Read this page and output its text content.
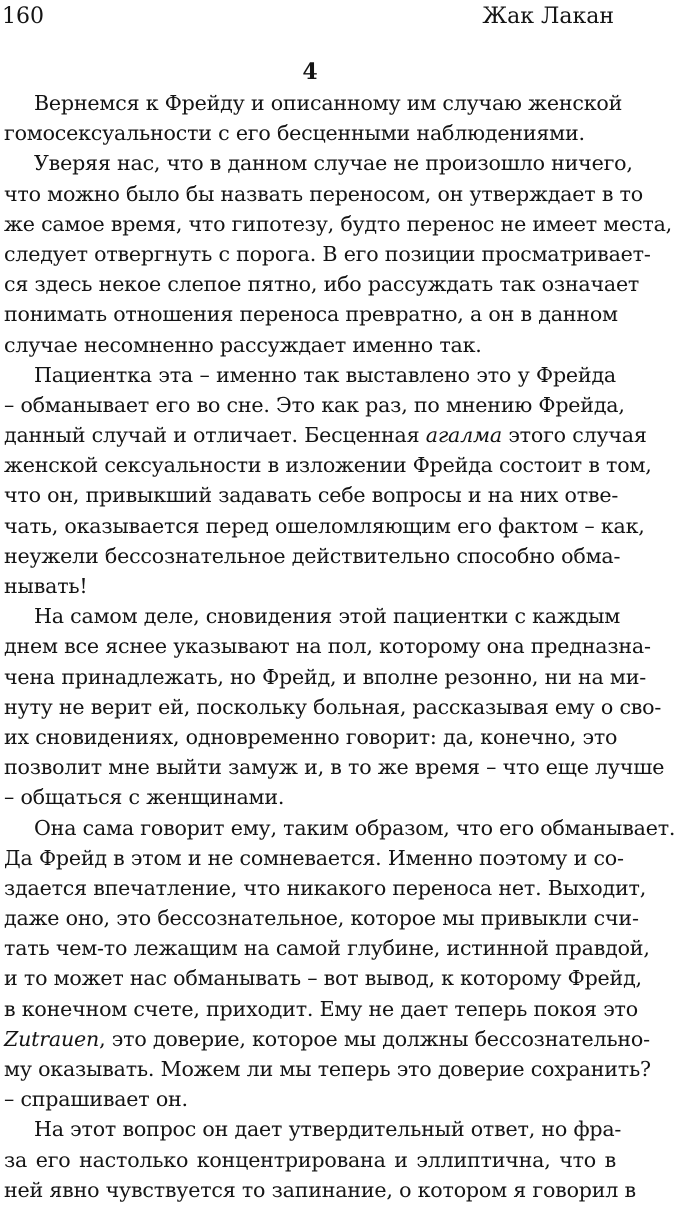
160	Жак Лакан
4
Вернемся к Фрейду и описанному им случаю женской
гомосексуальности с его бесценными наблюдениями.
Уверяя нас, что в данном случае не произошло ничего,
что можно было бы назвать переносом, он утверждает в то
же самое время, что гипотезу, будто перенос не имеет места,
следует отвергнуть с порога. В его позиции просматривает-
ся здесь некое слепое пятно, ибо рассуждать так означает
понимать отношения переноса превратно, а он в данном
случае несомненно рассуждает именно так.
Пациентка эта – именно так выставлено это у Фрейда
– обманывает его во сне. Это как раз, по мнению Фрейда,
данный случай и отличает. Бесценная агалма этого случая
женской сексуальности в изложении Фрейда состоит в том,
что он, привыкший задавать себе вопросы и на них отве-
чать, оказывается перед ошеломляющим его фактом – как,
неужели бессознательное действительно способно обма-
нывать!
На самом деле, сновидения этой пациентки с каждым
днем все яснее указывают на пол, которому она предназна-
чена принадлежать, но Фрейд, и вполне резонно, ни на ми-
нуту не верит ей, поскольку больная, рассказывая ему о сво-
их сновидениях, одновременно говорит: да, конечно, это
позволит мне выйти замуж и, в то же время – что еще лучше
– общаться с женщинами.
Она сама говорит ему, таким образом, что его обманывает.
Да Фрейд в этом и не сомневается. Именно поэтому и со-
здается впечатление, что никакого переноса нет. Выходит,
даже оно, это бессознательное, которое мы привыкли счи-
тать чем-то лежащим на самой глубине, истинной правдой,
и то может нас обманывать – вот вывод, к которому Фрейд,
в конечном счете, приходит. Ему не дает теперь покоя это
Zutrauen, это доверие, которое мы должны бессознательно-
му оказывать. Можем ли мы теперь это доверие сохранить?
– спрашивает он.
На этот вопрос он дает утвердительный ответ, но фра-
за его настолько концентрирована и эллиптична, что в
ней явно чувствуется то запинание, о котором я говорил в
